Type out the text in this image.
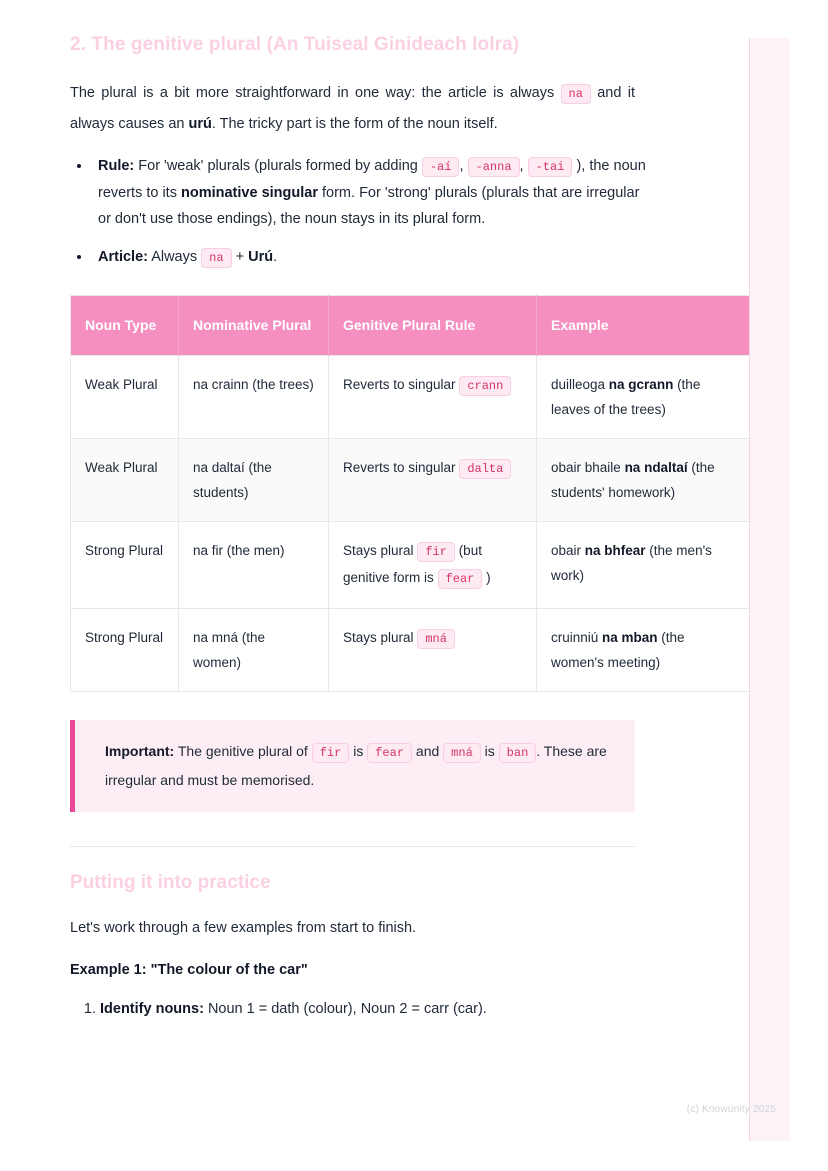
2. The genitive plural (An Tuiseal Ginideach Iolra)

The plural is a bit more straightforward in one way: the article is always na and it always causes an urú. The tricky part is the form of the noun itself.

• Rule: For 'weak' plurals (plurals formed by adding -aí , -anna , -tai ), the noun reverts to its nominative singular form. For 'strong' plurals (plurals that are irregular or don't use those endings), the noun stays in its plural form.
• Article: Always na + Urú.
Noun Type	Nominative Plural	Genitive Plural Rule	Example
Weak Plural	na crainn (the trees)	Reverts to singular crann	duilleoga na gcrann (the leaves of the trees)
Weak Plural	na daltaí (the students)	Reverts to singular dalta	obair bhaile na ndaltaí (the students' homework)
Strong Plural	na fir (the men)	Stays plural fir (but genitive form is fear )	obair na bhfear (the men's work)
Strong Plural	na mná (the women)	Stays plural mná	cruinniú na mban (the women's meeting)
Important: The genitive plural of fir is fear and mná is ban . These are irregular and must be memorised.
Putting it into practice

Let's work through a few examples from start to finish.

Example 1: "The colour of the car"

1. Identify nouns: Noun 1 = dath (colour), Noun 2 = carr (car).
(c) Knowunity 2025
